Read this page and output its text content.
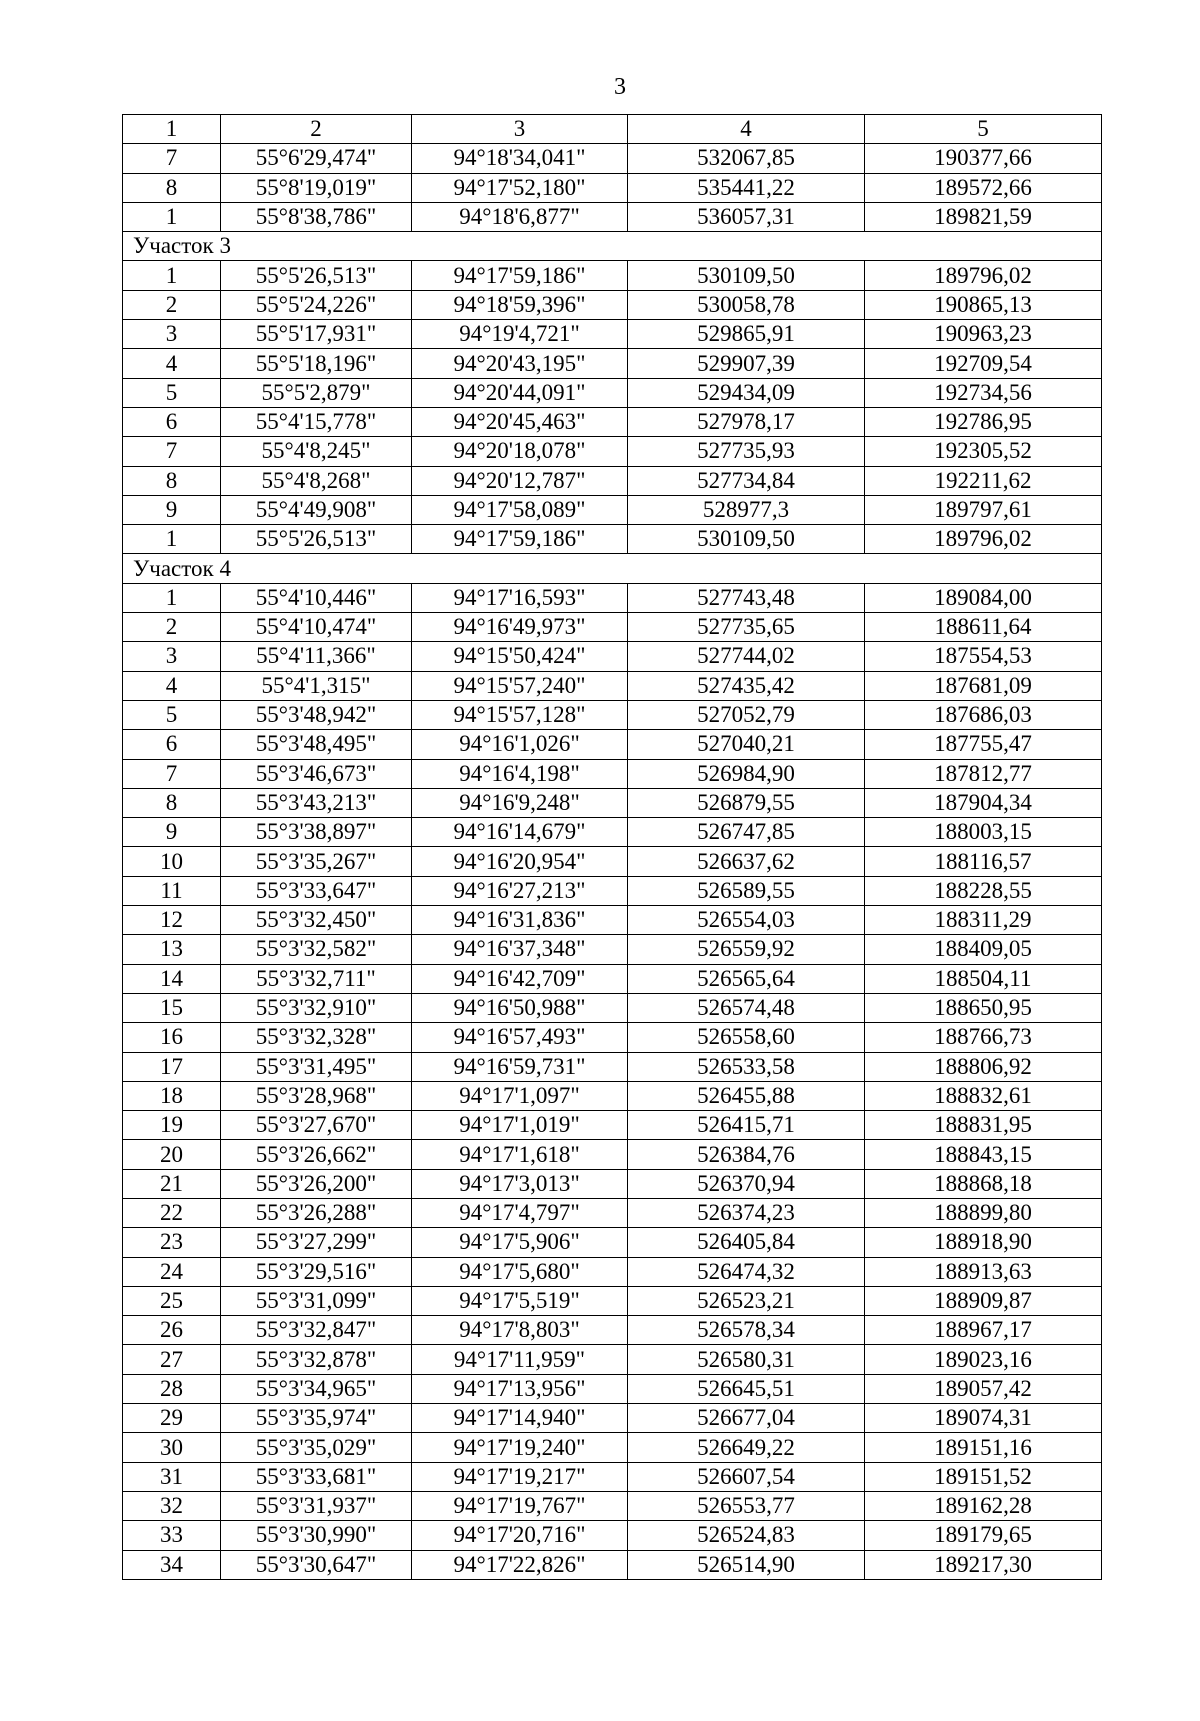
3
1	2	3	4	5
7	55°6'29,474"	94°18'34,041"	532067,85	190377,66
8	55°8'19,019"	94°17'52,180"	535441,22	189572,66
1	55°8'38,786"	94°18'6,877"	536057,31	189821,59
Участок 3				
1	55°5'26,513"	94°17'59,186"	530109,50	189796,02
2	55°5'24,226"	94°18'59,396"	530058,78	190865,13
3	55°5'17,931"	94°19'4,721"	529865,91	190963,23
4	55°5'18,196"	94°20'43,195"	529907,39	192709,54
5	55°5'2,879"	94°20'44,091"	529434,09	192734,56
6	55°4'15,778"	94°20'45,463"	527978,17	192786,95
7	55°4'8,245"	94°20'18,078"	527735,93	192305,52
8	55°4'8,268"	94°20'12,787"	527734,84	192211,62
9	55°4'49,908"	94°17'58,089"	528977,3	189797,61
1	55°5'26,513"	94°17'59,186"	530109,50	189796,02
Участок 4				
1	55°4'10,446"	94°17'16,593"	527743,48	189084,00
2	55°4'10,474"	94°16'49,973"	527735,65	188611,64
3	55°4'11,366"	94°15'50,424"	527744,02	187554,53
4	55°4'1,315"	94°15'57,240"	527435,42	187681,09
5	55°3'48,942"	94°15'57,128"	527052,79	187686,03
6	55°3'48,495"	94°16'1,026"	527040,21	187755,47
7	55°3'46,673"	94°16'4,198"	526984,90	187812,77
8	55°3'43,213"	94°16'9,248"	526879,55	187904,34
9	55°3'38,897"	94°16'14,679"	526747,85	188003,15
10	55°3'35,267"	94°16'20,954"	526637,62	188116,57
11	55°3'33,647"	94°16'27,213"	526589,55	188228,55
12	55°3'32,450"	94°16'31,836"	526554,03	188311,29
13	55°3'32,582"	94°16'37,348"	526559,92	188409,05
14	55°3'32,711"	94°16'42,709"	526565,64	188504,11
15	55°3'32,910"	94°16'50,988"	526574,48	188650,95
16	55°3'32,328"	94°16'57,493"	526558,60	188766,73
17	55°3'31,495"	94°16'59,731"	526533,58	188806,92
18	55°3'28,968"	94°17'1,097"	526455,88	188832,61
19	55°3'27,670"	94°17'1,019"	526415,71	188831,95
20	55°3'26,662"	94°17'1,618"	526384,76	188843,15
21	55°3'26,200"	94°17'3,013"	526370,94	188868,18
22	55°3'26,288"	94°17'4,797"	526374,23	188899,80
23	55°3'27,299"	94°17'5,906"	526405,84	188918,90
24	55°3'29,516"	94°17'5,680"	526474,32	188913,63
25	55°3'31,099"	94°17'5,519"	526523,21	188909,87
26	55°3'32,847"	94°17'8,803"	526578,34	188967,17
27	55°3'32,878"	94°17'11,959"	526580,31	189023,16
28	55°3'34,965"	94°17'13,956"	526645,51	189057,42
29	55°3'35,974"	94°17'14,940"	526677,04	189074,31
30	55°3'35,029"	94°17'19,240"	526649,22	189151,16
31	55°3'33,681"	94°17'19,217"	526607,54	189151,52
32	55°3'31,937"	94°17'19,767"	526553,77	189162,28
33	55°3'30,990"	94°17'20,716"	526524,83	189179,65
34	55°3'30,647"	94°17'22,826"	526514,90	189217,30
